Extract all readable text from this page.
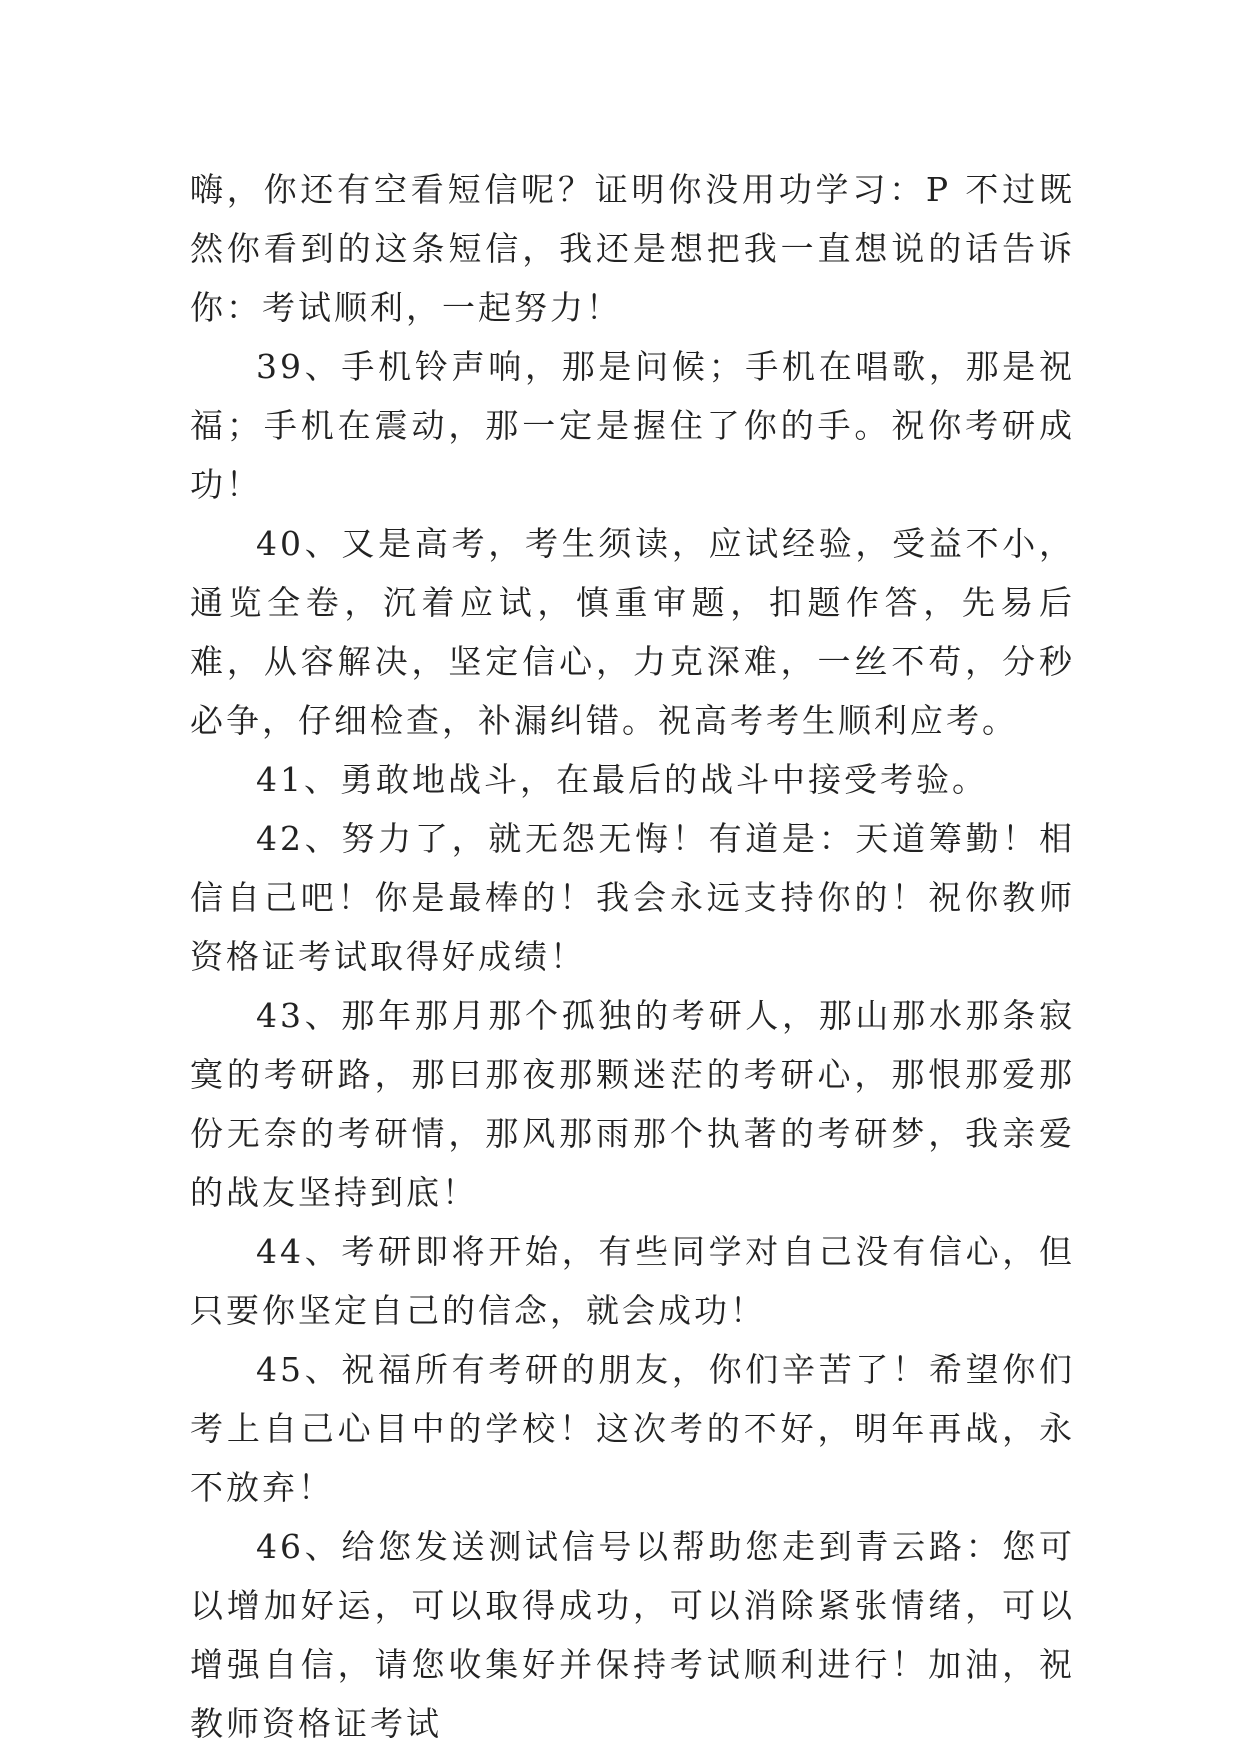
嗨，你还有空看短信呢？证明你没用功学习：P 不过既然你看到的这条短信，我还是想把我一直想说的话告诉你：考试顺利，一起努力！

39、手机铃声响，那是问候；手机在唱歌，那是祝福；手机在震动，那一定是握住了你的手。祝你考研成功！

40、又是高考，考生须读，应试经验，受益不小，通览全卷，沉着应试，慎重审题，扣题作答，先易后难，从容解决，坚定信心，力克深难，一丝不苟，分秒必争，仔细检查，补漏纠错。祝高考考生顺利应考。

41、勇敢地战斗，在最后的战斗中接受考验。

42、努力了，就无怨无悔！有道是：天道筹勤！相信自己吧！你是最棒的！我会永远支持你的！祝你教师资格证考试取得好成绩！

43、那年那月那个孤独的考研人，那山那水那条寂寞的考研路，那曰那夜那颗迷茫的考研心，那恨那爱那份无奈的考研情，那风那雨那个执著的考研梦，我亲爱的战友坚持到底！

44、考研即将开始，有些同学对自己没有信心，但只要你坚定自己的信念，就会成功！

45、祝福所有考研的朋友，你们辛苦了！希望你们考上自己心目中的学校！这次考的不好，明年再战，永不放弃！

46、给您发送测试信号以帮助您走到青云路：您可以增加好运，可以取得成功，可以消除紧张情绪，可以增强自信，请您收集好并保持考试顺利进行！加油，祝教师资格证考试
